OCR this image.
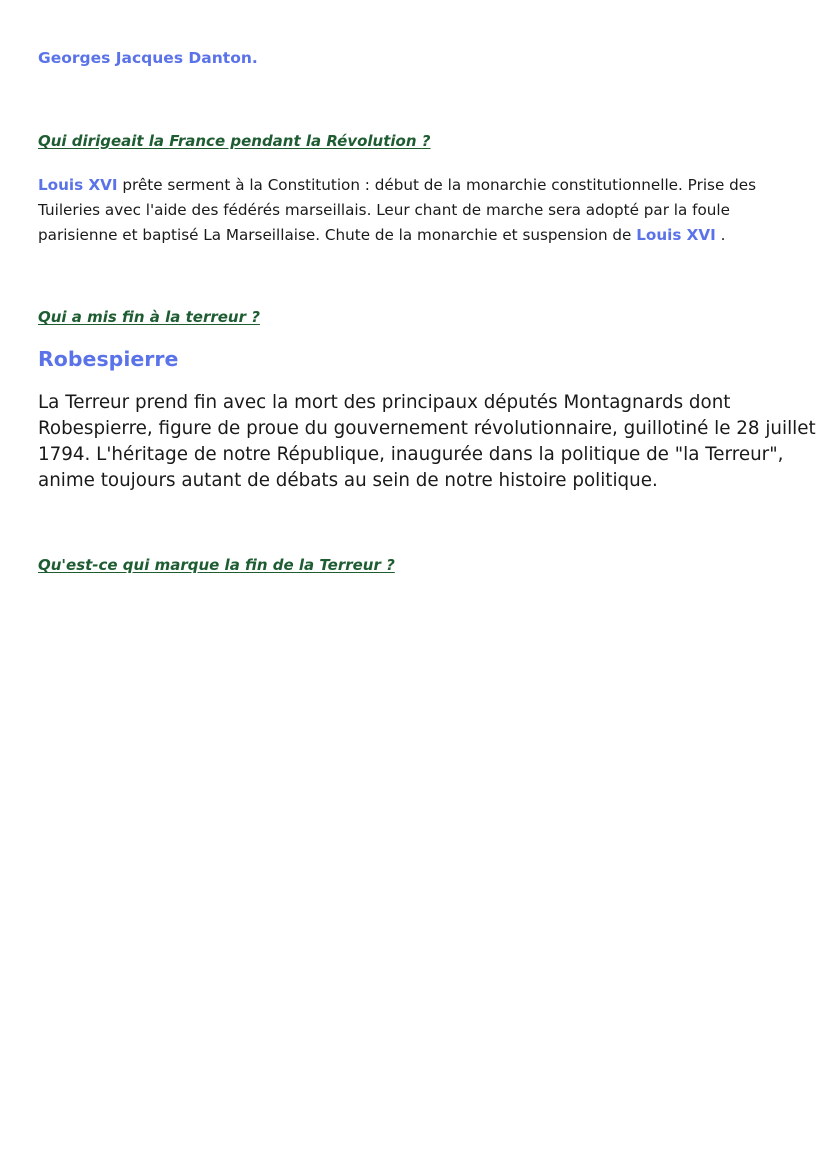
Georges Jacques Danton.
Qui dirigeait la France pendant la Révolution ?
Louis XVI prête serment à la Constitution : début de la monarchie constitutionnelle. Prise des
Tuileries avec l'aide des fédérés marseillais. Leur chant de marche sera adopté par la foule
parisienne et baptisé La Marseillaise. Chute de la monarchie et suspension de Louis XVI .
Qui a mis fin à la terreur ?
Robespierre
La Terreur prend fin avec la mort des principaux députés Montagnards dont
Robespierre, figure de proue du gouvernement révolutionnaire, guillotiné le 28 juillet
1794. L'héritage de notre République, inaugurée dans la politique de "la Terreur",
anime toujours autant de débats au sein de notre histoire politique.
Qu'est-ce qui marque la fin de la Terreur ?
